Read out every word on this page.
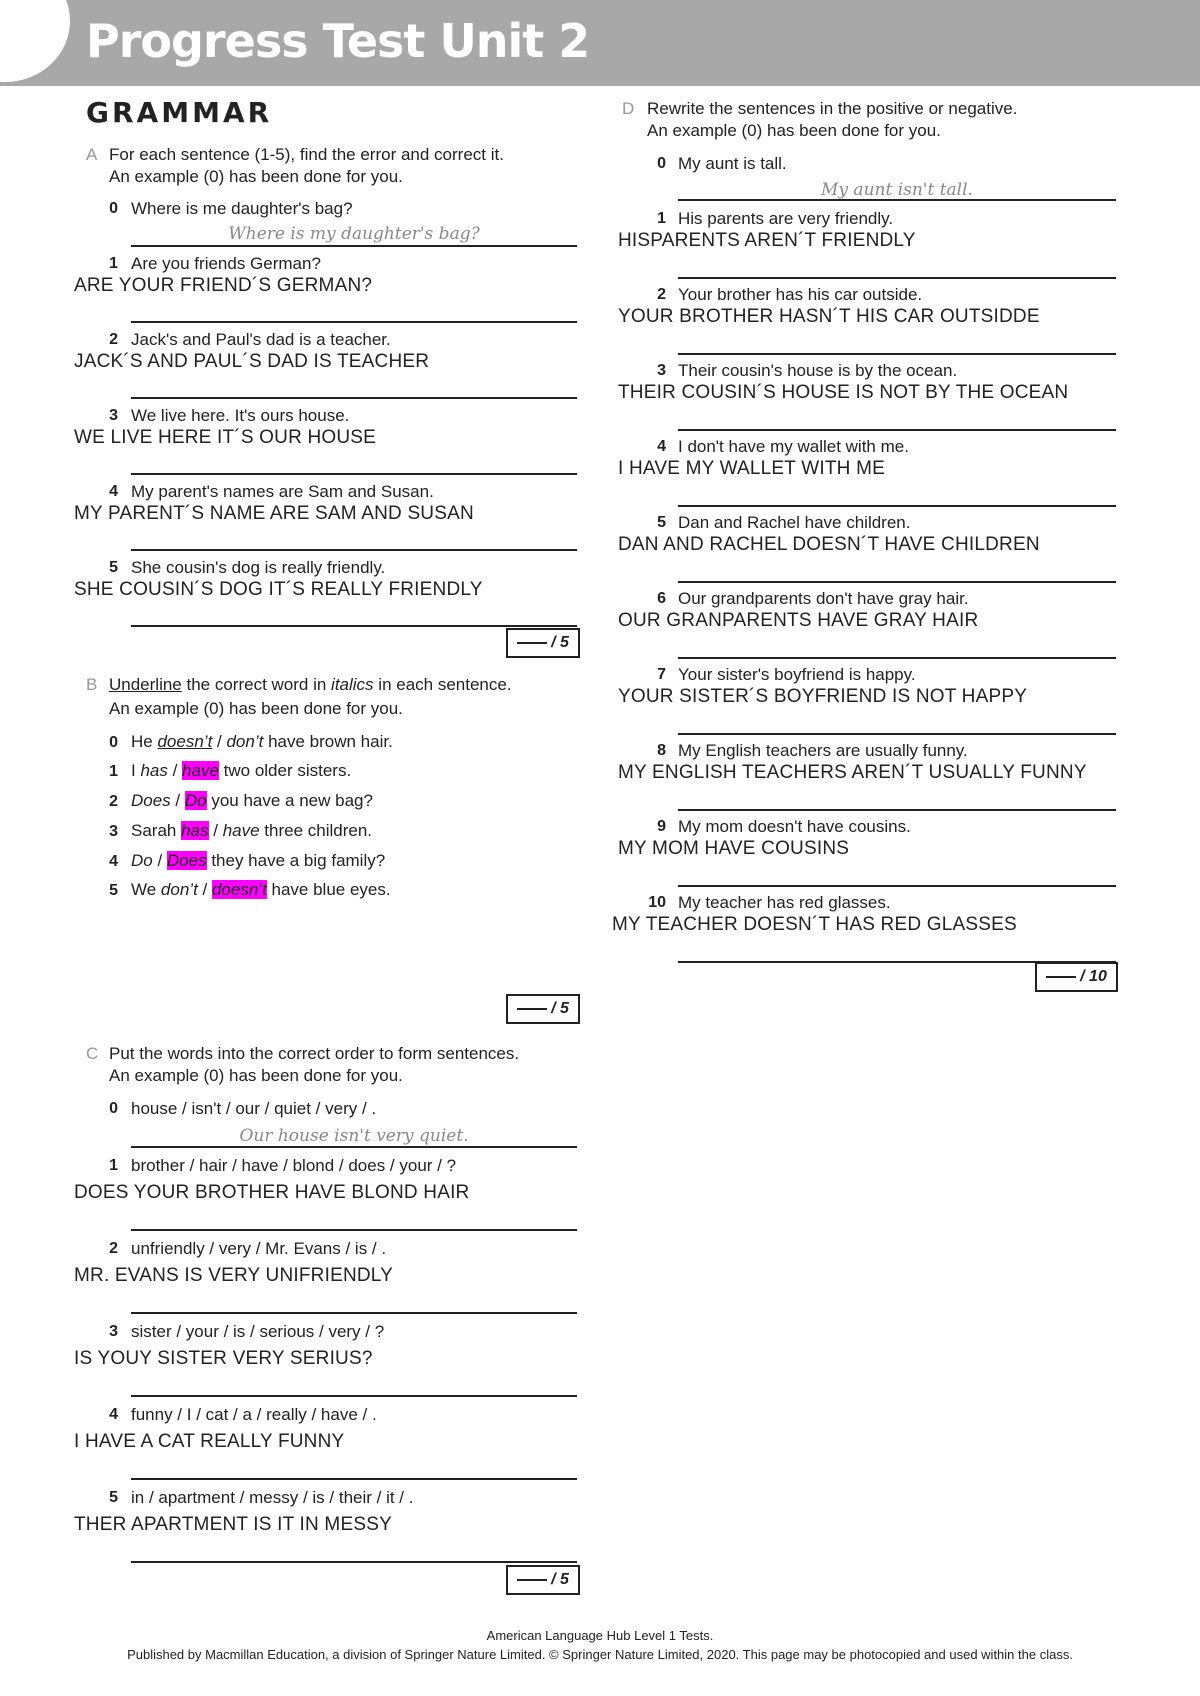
Progress Test Unit 2
GRAMMAR
A For each sentence (1-5), find the error and correct it.
An example (0) has been done for you.
0 Where is me daughter's bag?
Where is my daughter's bag?
1 Are you friends German?
ARE YOUR FRIEND´S GERMAN?
2 Jack's and Paul's dad is a teacher.
JACK´S AND PAUL´S DAD IS TEACHER
3 We live here. It's ours house.
WE LIVE HERE IT´S OUR HOUSE
4 My parent's names are Sam and Susan.
MY PARENT´S NAME ARE SAM AND SUSAN
5 She cousin's dog is really friendly.
SHE COUSIN´S DOG IT´S REALLY FRIENDLY
/ 5
B Underline the correct word in italics in each sentence.
An example (0) has been done for you.
0 He doesn’t / don’t have brown hair.
1 I has / have two older sisters.
2 Does / Do you have a new bag?
3 Sarah has / have three children.
4 Do / Does they have a big family?
5 We don’t / doesn’t have blue eyes.
/ 5
C Put the words into the correct order to form sentences.
An example (0) has been done for you.
0 house / isn't / our / quiet / very / .
Our house isn't very quiet.
1 brother / hair / have / blond / does / your / ?
DOES YOUR BROTHER HAVE BLOND HAIR
2 unfriendly / very / Mr. Evans / is / .
MR. EVANS IS VERY UNIFRIENDLY
3 sister / your / is / serious / very / ?
IS YOUY SISTER VERY SERIUS?
4 funny / I / cat / a / really / have / .
I HAVE A CAT REALLY FUNNY
5 in / apartment / messy / is / their / it / .
THER APARTMENT IS IT IN MESSY
/ 5
D Rewrite the sentences in the positive or negative.
An example (0) has been done for you.
0 My aunt is tall.
My aunt isn't tall.
1 His parents are very friendly.
HISPARENTS AREN´T FRIENDLY
2 Your brother has his car outside.
YOUR BROTHER HASN´T HIS CAR OUTSIDDE
3 Their cousin's house is by the ocean.
THEIR COUSIN´S HOUSE IS NOT BY THE OCEAN
4 I don't have my wallet with me.
I HAVE MY WALLET WITH ME
5 Dan and Rachel have children.
DAN AND RACHEL DOESN´T HAVE CHILDREN
6 Our grandparents don't have gray hair.
OUR GRANPARENTS HAVE GRAY HAIR
7 Your sister's boyfriend is happy.
YOUR SISTER´S BOYFRIEND IS NOT HAPPY
8 My English teachers are usually funny.
MY ENGLISH TEACHERS AREN´T USUALLY FUNNY
9 My mom doesn't have cousins.
MY MOM HAVE COUSINS
10 My teacher has red glasses.
MY TEACHER DOESN´T HAS RED GLASSES
/ 10
American Language Hub Level 1 Tests.
Published by Macmillan Education, a division of Springer Nature Limited. © Springer Nature Limited, 2020. This page may be photocopied and used within the class.
